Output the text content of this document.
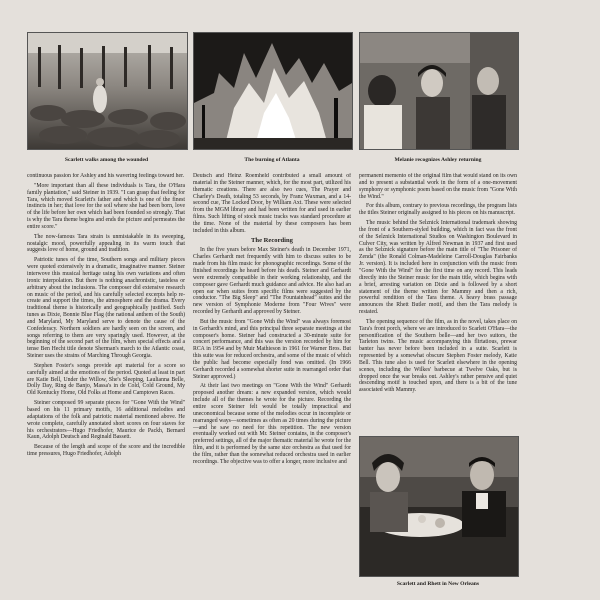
Scarlett walks among the wounded	The burning of Atlanta	Melanie recognizes Ashley returning

continuous passion for Ashley and his wavering feelings toward her.

"More important than all these individuals is Tara, the O'Hara family plantation," said Steiner in 1939. "I can grasp that feeling for Tara, which moved Scarlett's father and which is one of the finest instincts in her; that love for the soil where she had been born, love of the life before her own which had been founded so strongly. That is why the Tara theme begins and ends the picture and permeates the entire score."

The now-famous Tara strain is unmistakable in its sweeping, nostalgic mood, powerfully appealing in its warm touch that suggests love of home, ground and tradition.

Patriotic tunes of the time, Southern songs and military pieces were quoted extensively in a dramatic, imaginative manner. Steiner interwove this musical heritage using his own variations and often ironic interpolation. But there is nothing anachronistic, tasteless or arbitrary about the inclusions. The composer did extensive research on music of the period, and his carefully selected excerpts help re-create and support the times, the atmosphere and the drama. Every traditional theme is historically and geographically justified. Such tunes as Dixie, Bonnie Blue Flag (the national anthem of the South) and Maryland, My Maryland serve to denote the cause of the Confederacy. Northern soldiers are hardly seen on the screen, and songs referring to them are very sparingly used. However, at the beginning of the second part of the film, when special effects and a tense Ben Hecht title denote Sherman's march to the Atlantic coast, Steiner uses the strains of Marching Through Georgia.

Stephen Foster's songs provide apt material for a score so carefully aimed at the emotions of the period. Quoted at least in part are Katie Bell, Under the Willow, She's Sleeping, Laulianna Belle, Dolly Day, Ring de Banjo, Massa's in de Cold, Cold Ground, My Old Kentucky Home, Old Folks at Home and Camptown Races.

Steiner composed 99 separate pieces for "Gone With the Wind" based on his 11 primary motifs, 16 additional melodies and adaptations of the folk and patriotic material mentioned above. He wrote complete, carefully annotated short scores on four staves for his orchestrators—Hugo Friedhofer, Maurice de Packh, Bernard Kaun, Adolph Deutsch and Reginald Bassett.

Because of the length and scope of the score and the incredible time pressures, Hugo Friedhofer, Adolph

Deutsch and Heinz Roemheld contributed a small amount of material in the Steiner manner, which, for the most part, utilized his thematic creations. There are also two cues, The Prayer and Charley's Death, totaling 53 seconds, by Franz Waxman, and a 14-second cue, The Locked Door, by William Axt. These were selected from the MGM library and had been written for and used in earlier films. Such lifting of stock music tracks was standard procedure at the time. None of the material by these composers has been included in this album.

The Recording

In the five years before Max Steiner's death in December 1971, Charles Gerhardt met frequently with him to discuss suites to be made from his film music for phonographic recordings. Some of the finished recordings he heard before his death. Steiner and Gerhardt were extremely compatible in their working relationship, and the composer gave Gerhardt much guidance and advice. He also had an open ear when suites from specific films were suggested by the conductor. "The Big Sleep" and "The Fountainhead" suites and the new version of Symphonie Moderne from "Four Wives" were recorded by Gerhardt and approved by Steiner.

But the music from "Gone With the Wind" was always foremost in Gerhardt's mind, and this principal three separate meetings at the composer's home. Steiner had constructed a 30-minute suite for concert performance, and this was the version recorded by him for RCA in 1954 and by Muir Mathieson in 1961 for Warner Bros. But this suite was for reduced orchestra, and some of the music of which the public had become especially fond was omitted. (In 1966 Gerhardt recorded a somewhat shorter suite in rearranged order that Steiner approved.)

At their last two meetings on "Gone With the Wind" Gerhardt proposed another dream: a new expanded version, which would include all of the themes he wrote for the picture. Recording the entire score Steiner felt would be totally impractical and uneconomical because some of the melodies occur in incomplete or rearranged ways—sometimes as often as 20 times during the picture—and he saw no need for this repetition. The new version eventually worked out with Mr. Steiner contains, in the composer's preferred settings, all of the major thematic material he wrote for the film, and it is performed by the same size orchestra as that used for the film, rather than the somewhat reduced orchestra used in earlier recordings. The objective was to offer a longer, more inclusive and

permanent memento of the original film that would stand on its own and to present a substantial work in the form of a one-movement symphony or symphonic poem based on the music from "Gone With the Wind."

For this album, contrary to previous recordings, the program lists the titles Steiner originally assigned to his pieces on his manuscript.

The music behind the Selznick International trademark showing the front of a Southern-styled building, which in fact was the front of the Selznick International Studios on Washington Boulevard in Culver City, was written by Alfred Newman in 1937 and first used as the Selznick signature before the main title of "The Prisoner of Zenda" (the Ronald Colman-Madeleine Carroll-Douglas Fairbanks Jr. version). It is included here in conjunction with the music from "Gone With the Wind" for the first time on any record. This leads directly into the Steiner music for the main title, which begins with a brief, arresting variation on Dixie and is followed by a short statement of the theme written for Mammy and then a rich, powerful rendition of the Tara theme. A heavy brass passage announces the Rhett Butler motif, and then the Tara melody is restated.

The opening sequence of the film, as in the novel, takes place on Tara's front porch, where we are introduced to Scarlett O'Hara—the personification of the Southern belle—and her two suitors, the Tarleton twins. The music accompanying this flirtatious, prewar banter has never before been included in a suite. Scarlett is represented by a somewhat obscure Stephen Foster melody, Katie Bell. This tune also is used for Scarlett elsewhere in the opening scenes, including the Wilkes' barbecue at Twelve Oaks, but is dropped once the war breaks out. Ashley's rather pensive and quiet descending motif is touched upon, and there is a bit of the tune associated with Mammy.

Scarlett and Rhett in New Orleans
